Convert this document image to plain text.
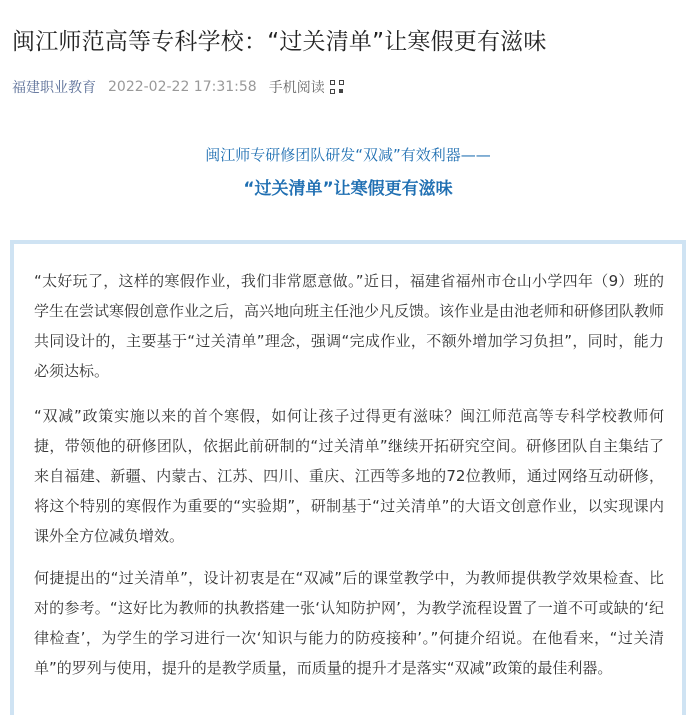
闽江师范高等专科学校：“过关清单”让寒假更有滋味
福建职业教育 2022-02-22 17:31:58 手机阅读
闽江师专研修团队研发“双减”有效利器——
“过关清单”让寒假更有滋味

“太好玩了，这样的寒假作业，我们非常愿意做。”近日，福建省福州市仓山小学四年（9）班的学生在尝试寒假创意作业之后，高兴地向班主任池少凡反馈。该作业是由池老师和研修团队教师共同设计的，主要基于“过关清单”理念，强调“完成作业，不额外增加学习负担”，同时，能力必须达标。

“双减”政策实施以来的首个寒假，如何让孩子过得更有滋味？闽江师范高等专科学校教师何捷，带领他的研修团队，依据此前研制的“过关清单”继续开拓研究空间。研修团队自主集结了来自福建、新疆、内蒙古、江苏、四川、重庆、江西等多地的72位教师，通过网络互动研修，将这个特别的寒假作为重要的“实验期”，研制基于“过关清单”的大语文创意作业，以实现课内课外全方位减负增效。

何捷提出的“过关清单”，设计初衷是在“双减”后的课堂教学中，为教师提供教学效果检查、比对的参考。“这好比为教师的执教搭建一张‘认知防护网’，为教学流程设置了一道不可或缺的‘纪律检查’，为学生的学习进行一次‘知识与能力的防疫接种’。”何捷介绍说。在他看来，“过关清单”的罗列与使用，提升的是教学质量，而质量的提升才是落实“双减”政策的最佳利器。
